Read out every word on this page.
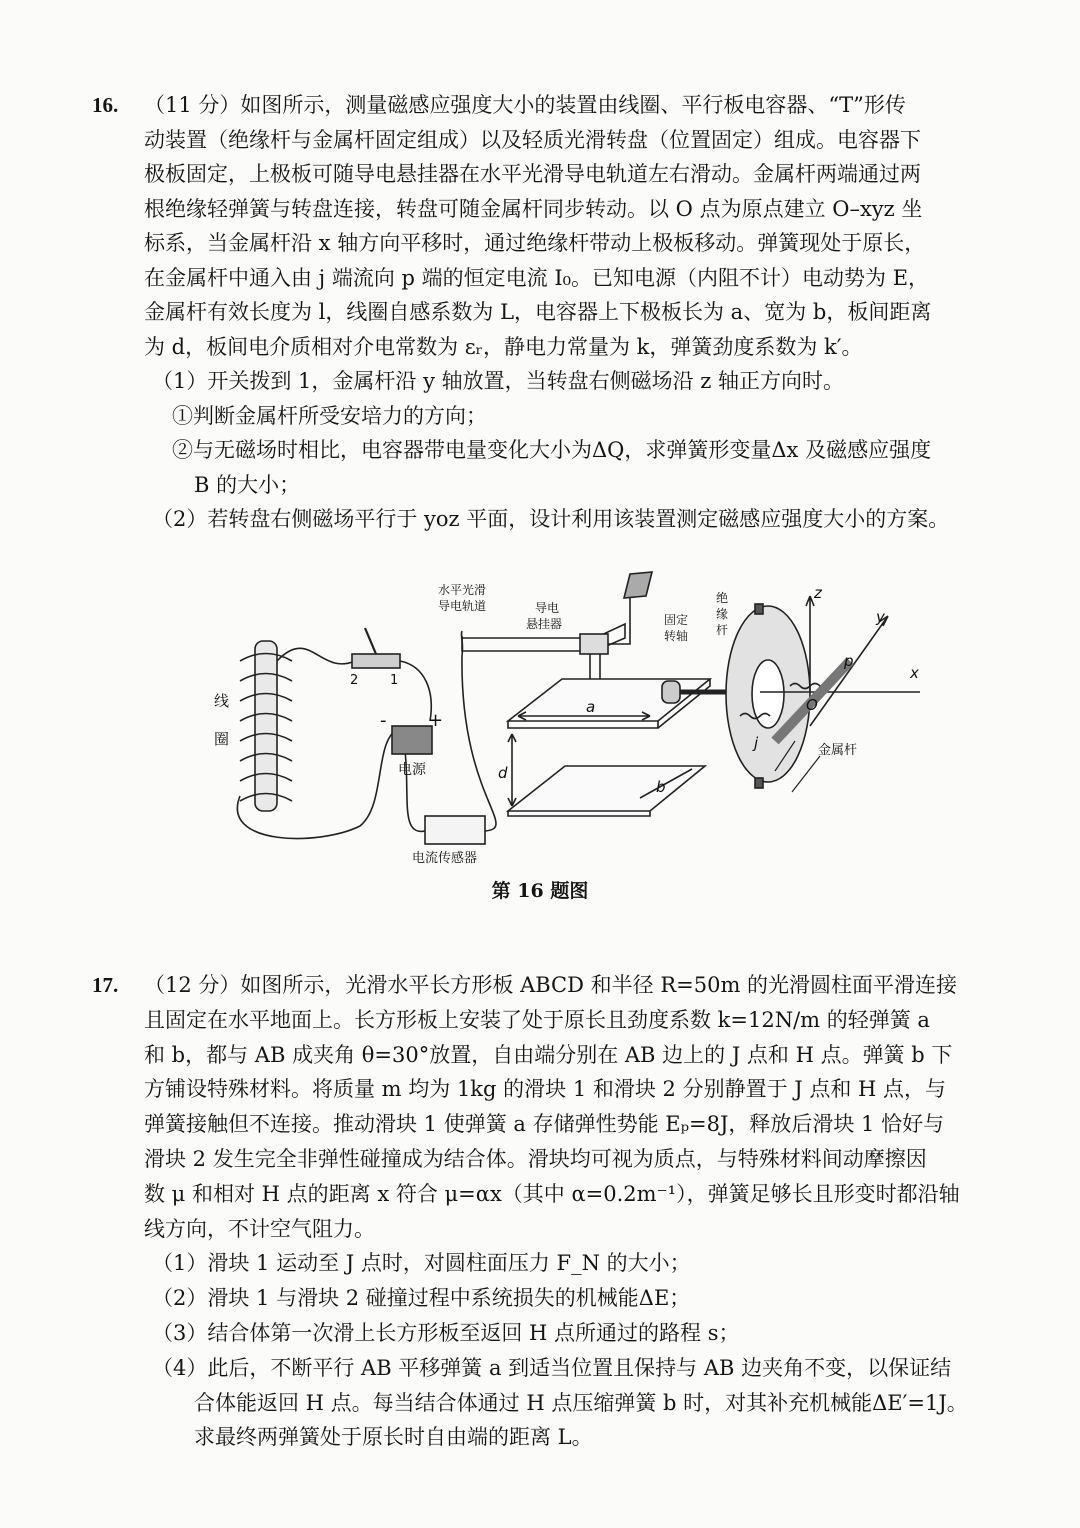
16. （11 分）如图所示，测量磁感应强度大小的装置由线圈、平行板电容器、“T”形传
动装置（绝缘杆与金属杆固定组成）以及轻质光滑转盘（位置固定）组成。电容器下
极板固定，上极板可随导电悬挂器在水平光滑导电轨道左右滑动。金属杆两端通过两
根绝缘轻弹簧与转盘连接，转盘可随金属杆同步转动。以 O 点为原点建立 O–xyz 坐
标系，当金属杆沿 x 轴方向平移时，通过绝缘杆带动上极板移动。弹簧现处于原长，
在金属杆中通入由 j 端流向 p 端的恒定电流 I₀。已知电源（内阻不计）电动势为 E，
金属杆有效长度为 l，线圈自感系数为 L，电容器上下极板长为 a、宽为 b，板间距离
为 d，板间电介质相对介电常数为 εᵣ，静电力常量为 k，弹簧劲度系数为 k′。
（1）开关拨到 1，金属杆沿 y 轴放置，当转盘右侧磁场沿 z 轴正方向时。
①判断金属杆所受安培力的方向；
②与无磁场时相比，电容器带电量变化大小为ΔQ，求弹簧形变量Δx 及磁感应强度
B 的大小；
（2）若转盘右侧磁场平行于 yoz 平面，设计利用该装置测定磁感应强度大小的方案。
线
圈
水平光滑
导电轨道	导电
悬挂器	固定
转轴
绝
缘
杆
金属杆
电源
电流传感器
a
b
d
z
y
x
p
O
j
2 1
- +
第 16 题图
17. （12 分）如图所示，光滑水平长方形板 ABCD 和半径 R=50m 的光滑圆柱面平滑连接
且固定在水平地面上。长方形板上安装了处于原长且劲度系数 k=12N/m 的轻弹簧 a
和 b，都与 AB 成夹角 θ=30°放置，自由端分别在 AB 边上的 J 点和 H 点。弹簧 b 下
方铺设特殊材料。将质量 m 均为 1kg 的滑块 1 和滑块 2 分别静置于 J 点和 H 点，与
弹簧接触但不连接。推动滑块 1 使弹簧 a 存储弹性势能 Eₚ=8J，释放后滑块 1 恰好与
滑块 2 发生完全非弹性碰撞成为结合体。滑块均可视为质点，与特殊材料间动摩擦因
数 μ 和相对 H 点的距离 x 符合 μ=αx（其中 α=0.2m⁻¹），弹簧足够长且形变时都沿轴
线方向，不计空气阻力。
（1）滑块 1 运动至 J 点时，对圆柱面压力 F_N 的大小；
（2）滑块 1 与滑块 2 碰撞过程中系统损失的机械能ΔE；
（3）结合体第一次滑上长方形板至返回 H 点所通过的路程 s；
（4）此后，不断平行 AB 平移弹簧 a 到适当位置且保持与 AB 边夹角不变，以保证结
合体能返回 H 点。每当结合体通过 H 点压缩弹簧 b 时，对其补充机械能ΔE′=1J。
求最终两弹簧处于原长时自由端的距离 L。
